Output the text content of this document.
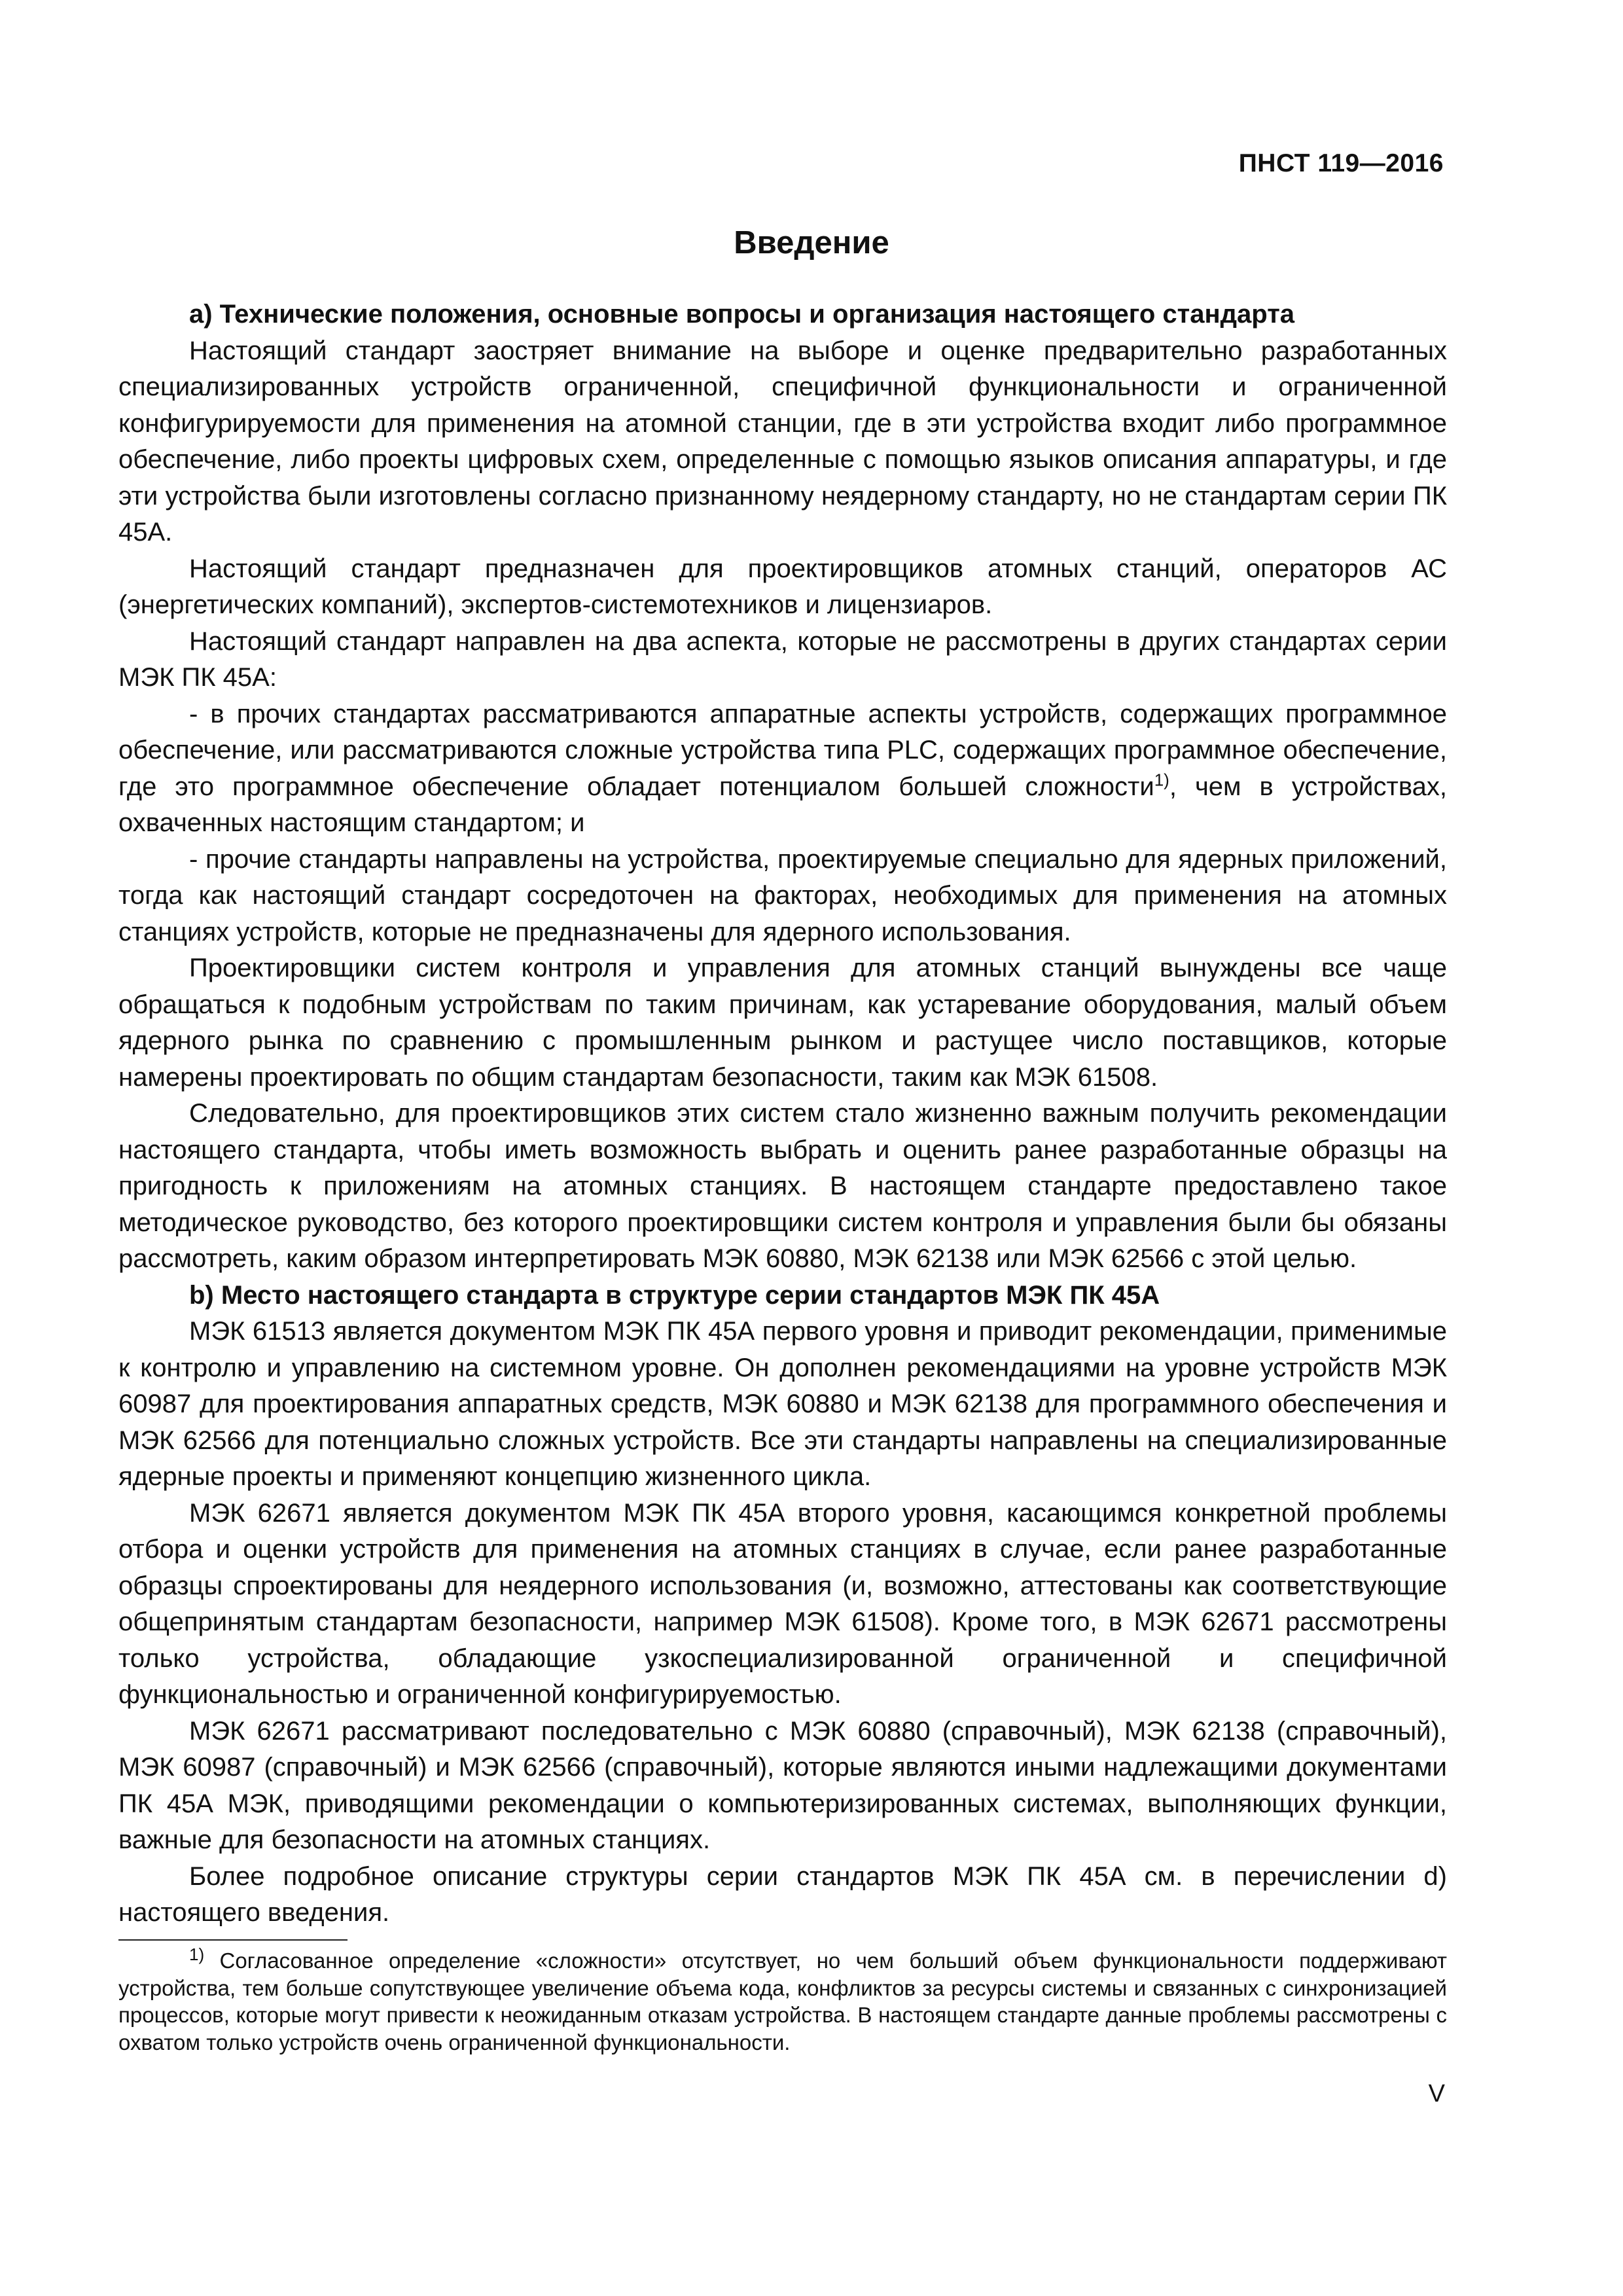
ПНСТ 119—2016
Введение

а) Технические положения, основные вопросы и организация настоящего стандарта

Настоящий стандарт заостряет внимание на выборе и оценке предварительно разработанных специализированных устройств ограниченной, специфичной функциональности и ограниченной конфигурируемости для применения на атомной станции, где в эти устройства входит либо программное обеспечение, либо проекты цифровых схем, определенные с помощью языков описания аппаратуры, и где эти устройства были изготовлены согласно признанному неядерному стандарту, но не стандартам серии ПК 45А.

Настоящий стандарт предназначен для проектировщиков атомных станций, операторов АС (энергетических компаний), экспертов-системотехников и лицензиаров.

Настоящий стандарт направлен на два аспекта, которые не рассмотрены в других стандартах серии МЭК ПК 45А:

- в прочих стандартах рассматриваются аппаратные аспекты устройств, содержащих программное обеспечение, или рассматриваются сложные устройства типа PLC, содержащих программное обеспечение, где это программное обеспечение обладает потенциалом большей сложности$^{1)}$, чем в устройствах, охваченных настоящим стандартом; и

- прочие стандарты направлены на устройства, проектируемые специально для ядерных приложений, тогда как настоящий стандарт сосредоточен на факторах, необходимых для применения на атомных станциях устройств, которые не предназначены для ядерного использования.

Проектировщики систем контроля и управления для атомных станций вынуждены все чаще обращаться к подобным устройствам по таким причинам, как устаревание оборудования, малый объем ядерного рынка по сравнению с промышленным рынком и растущее число поставщиков, которые намерены проектировать по общим стандартам безопасности, таким как МЭК 61508.

Следовательно, для проектировщиков этих систем стало жизненно важным получить рекомендации настоящего стандарта, чтобы иметь возможность выбрать и оценить ранее разработанные образцы на пригодность к приложениям на атомных станциях. В настоящем стандарте предоставлено такое методическое руководство, без которого проектировщики систем контроля и управления были бы обязаны рассмотреть, каким образом интерпретировать МЭК 60880, МЭК 62138 или МЭК 62566 с этой целью.

b) Место настоящего стандарта в структуре серии стандартов МЭК ПК 45А

МЭК 61513 является документом МЭК ПК 45А первого уровня и приводит рекомендации, применимые к контролю и управлению на системном уровне. Он дополнен рекомендациями на уровне устройств МЭК 60987 для проектирования аппаратных средств, МЭК 60880 и МЭК 62138 для программного обеспечения и МЭК 62566 для потенциально сложных устройств. Все эти стандарты направлены на специализированные ядерные проекты и применяют концепцию жизненного цикла.

МЭК 62671 является документом МЭК ПК 45А второго уровня, касающимся конкретной проблемы отбора и оценки устройств для применения на атомных станциях в случае, если ранее разработанные образцы спроектированы для неядерного использования (и, возможно, аттестованы как соответствующие общепринятым стандартам безопасности, например МЭК 61508). Кроме того, в МЭК 62671 рассмотрены только устройства, обладающие узкоспециализированной ограниченной и специфичной функциональностью и ограниченной конфигурируемостью.

МЭК 62671 рассматривают последовательно с МЭК 60880 (справочный), МЭК 62138 (справочный), МЭК 60987 (справочный) и МЭК 62566 (справочный), которые являются иными надлежащими документами ПК 45А МЭК, приводящими рекомендации о компьютеризированных системах, выполняющих функции, важные для безопасности на атомных станциях.

Более подробное описание структуры серии стандартов МЭК ПК 45А см. в перечислении d) настоящего введения.

$^{1)}$ Согласованное определение «сложности» отсутствует, но чем больший объем функциональности поддерживают устройства, тем больше сопутствующее увеличение объема кода, конфликтов за ресурсы системы и связанных с синхронизацией процессов, которые могут привести к неожиданным отказам устройства. В настоящем стандарте данные проблемы рассмотрены с охватом только устройств очень ограниченной функциональности.

V
